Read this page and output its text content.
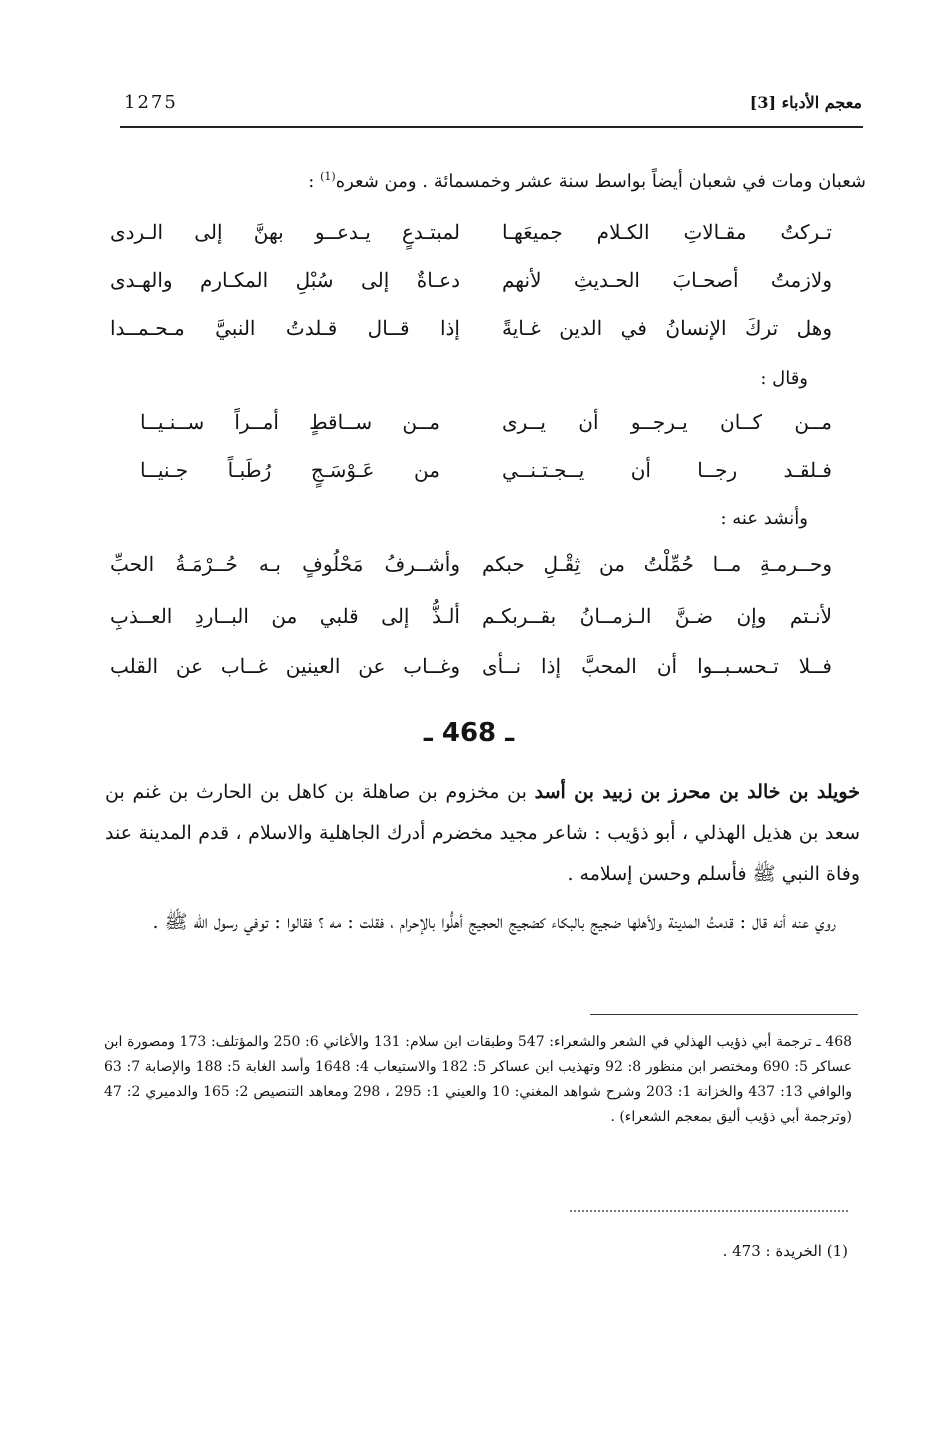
1275	معجم الأدباء [3]
شعبان ومات في شعبان أيضاً بواسط سنة عشر وخمسمائة . ومن شعره$^{(1)}$ :
تـركتُ مقـالاتِ الكـلام جميعَهـا
لمبتـدعٍ يـدعــو بهنَّ إلى الـردى
ولازمتُ أصحـابَ الحـديثِ لأنهم
دعـاةٌ إلى سُبْلِ المكـارم والهـدى
وهل تركَ الإنسانُ في الدين غـايةً
إذا قــال قـلدتُ النبيَّ مـحـمــدا
وقال :
مــن كــان يـرجــو أن يــرى
مــن ســاقطٍ أمــراً ســنـيــا
فـلقـد رجــا أن يــجـتـنــي
من عَـوْسَـجٍ رُطَبـاً جـنيــا
وأنشد عنه :
وحــرمـةِ مــا حُمِّلْتُ من ثِقْـلِ حبكم
وأشــرفُ مَحْلُوفٍ بـه حُــرْمَـةُ الحبِّ
لأنـتم وإن ضـنَّ الـزمــانُ بقــربكـم
ألـذُّ إلى قلبي من البــاردِ العــذبِ
فــلا تـحسـبــوا أن المحبَّ إذا نــأى
وغــاب عن العينين غــاب عن القلب
ـ 468 ـ
خويلد بن خالد بن محرز بن زبيد بن أسد بن مخزوم بن صاهلة بن كاهل بن الحارث بن غنم بن سعد بن هذيل الهذلي ، أبو ذؤيب : شاعر مجيد مخضرم أدرك الجاهلية والاسلام ، قدم المدينة عند وفاة النبي ﷺ فأسلم وحسن إسلامه .
روي عنه أنه قال : قدمتُ المدينة ولأهلها ضجيج بالبكاء كضجيج الحجيج أهلُّوا بالإحرام ، فقلت : مه ؟ فقالوا : توفي رسول الله ﷺ .
468 ـ ترجمة أبي ذؤيب الهذلي في الشعر والشعراء: 547 وطبقات ابن سلام: 131 والأغاني 6: 250 والمؤتلف: 173 ومصورة ابن عساكر 5: 690 ومختصر ابن منظور 8: 92 وتهذيب ابن عساكر 5: 182 والاستيعاب 4: 1648 وأسد الغابة 5: 188 والإصابة 7: 63 والوافي 13: 437 والخزانة 1: 203 وشرح شواهد المغني: 10 والعيني 1: 295 ، 298 ومعاهد التنصيص 2: 165 والدميري 2: 47 (وترجمة أبي ذؤيب أليق بمعجم الشعراء) .
(1) الخريدة : 473 .
